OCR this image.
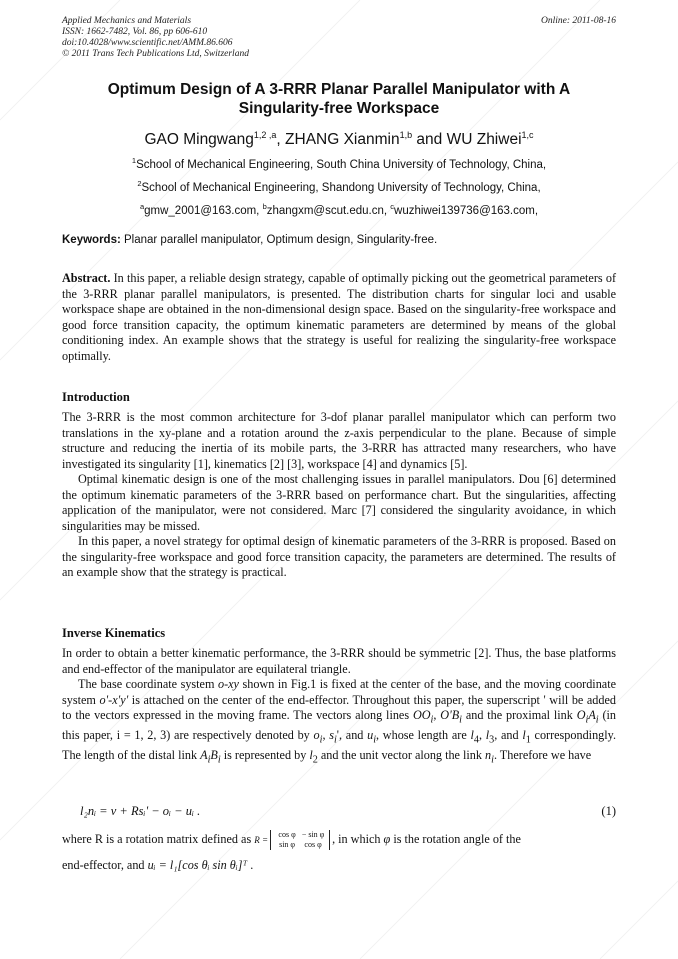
Applied Mechanics and Materials
ISSN: 1662-7482, Vol. 86, pp 606-610
doi:10.4028/www.scientific.net/AMM.86.606
© 2011 Trans Tech Publications Ltd, Switzerland
Online: 2011-08-16
Optimum Design of A 3-RRR Planar Parallel Manipulator with A
Singularity-free Workspace
GAO Mingwang$^{1,2 ,a}$, ZHANG Xianmin$^{1,b}$ and WU Zhiwei$^{1,c}$
$^1$School of Mechanical Engineering, South China University of Technology, China,
$^2$School of Mechanical Engineering, Shandong University of Technology, China,
$^a$gmw_2001@163.com, $^b$zhangxm@scut.edu.cn, $^c$wuzhiwei139736@163.com,
Keywords: Planar parallel manipulator, Optimum design, Singularity-free.
Abstract. In this paper, a reliable design strategy, capable of optimally picking out the geometrical parameters of the 3-RRR planar parallel manipulators, is presented. The distribution charts for singular loci and usable workspace shape are obtained in the non-dimensional design space. Based on the singularity-free workspace and good force transition capacity, the optimum kinematic parameters are determined by means of the global conditioning index. An example shows that the strategy is useful for realizing the singularity-free workspace optimally.
Introduction
The 3-RRR is the most common architecture for 3-dof planar parallel manipulator which can perform two translations in the xy-plane and a rotation around the z-axis perpendicular to the plane. Because of simple structure and reducing the inertia of its mobile parts, the 3-RRR has attracted many researchers, who have investigated its singularity [1], kinematics [2] [3], workspace [4] and dynamics [5].
Optimal kinematic design is one of the most challenging issues in parallel manipulators. Dou [6] determined the optimum kinematic parameters of the 3-RRR based on performance chart. But the singularities, affecting application of the manipulator, were not considered. Marc [7] considered the singularity avoidance, in which singularities may be missed.
In this paper, a novel strategy for optimal design of kinematic parameters of the 3-RRR is proposed. Based on the singularity-free workspace and good force transition capacity, the parameters are determined. The results of an example show that the strategy is practical.
Inverse Kinematics
In order to obtain a better kinematic performance, the 3-RRR should be symmetric [2]. Thus, the base platforms and end-effector of the manipulator are equilateral triangle.
The base coordinate system o-xy shown in Fig.1 is fixed at the center of the base, and the moving coordinate system o'-x'y' is attached on the center of the end-effector. Throughout this paper, the superscript ' will be added to the vectors expressed in the moving frame. The vectors along lines $OO_i$, $O'B_i$ and the proximal link $O_iA_i$ (in this paper, i = 1, 2, 3) are respectively denoted by $o_i$, $s_i'$, and $u_i$, whose length are $l_4$, $l_3$, and $l_1$ correspondingly. The length of the distal link $A_iB_i$ is represented by $l_2$ and the unit vector along the link $n_i$. Therefore we have
l₂nᵢ = v + Rsᵢ' − oᵢ − uᵢ .	(1)
where R is a rotation matrix defined as R =cos φ − sin φ
sin φ cos φ , in which φ is the rotation angle of the
end-effector, and uᵢ = l₁[cos θᵢ sin θᵢ]ᵀ .
